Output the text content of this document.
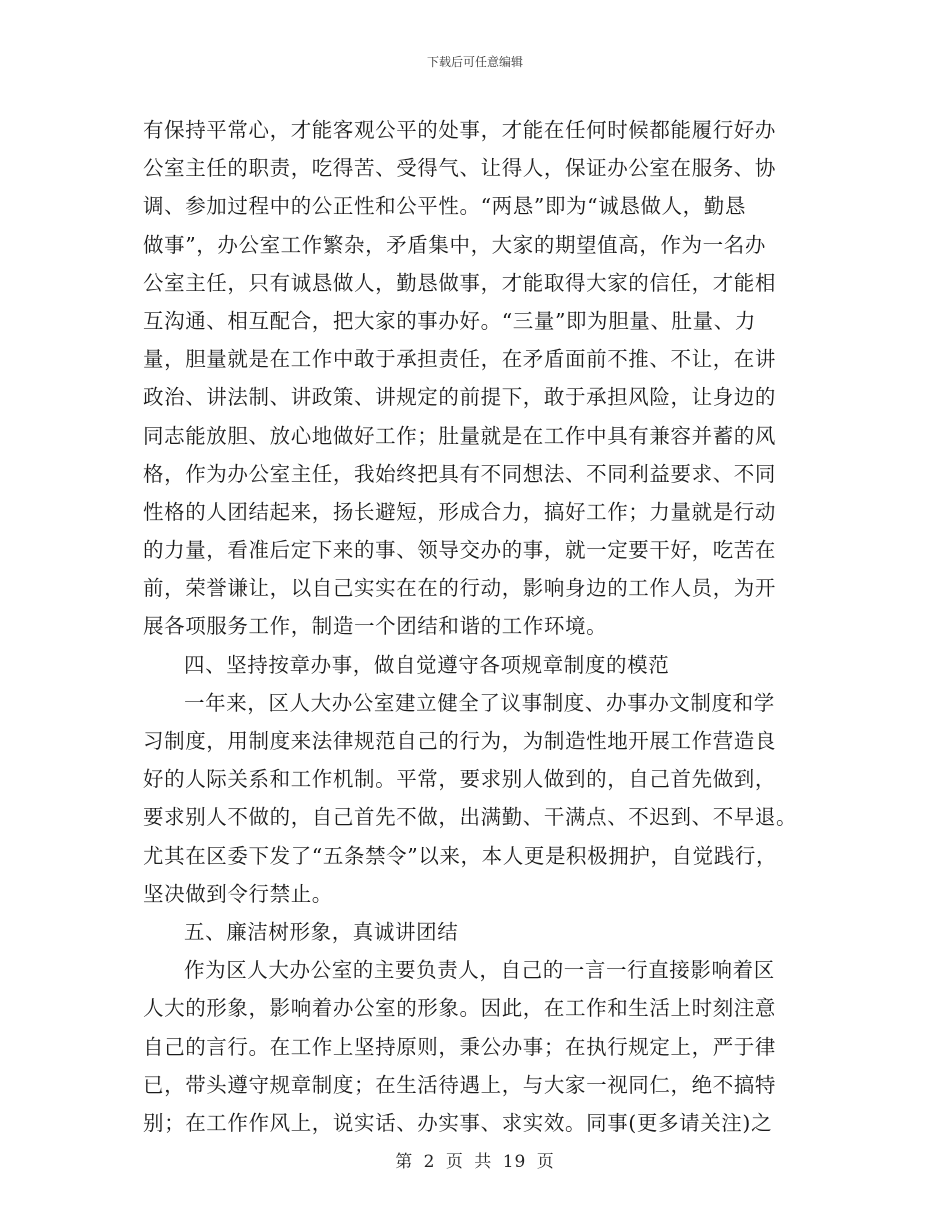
下载后可任意编辑
有保持平常心，才能客观公平的处事，才能在任何时候都能履行好办
公室主任的职责，吃得苦、受得气、让得人，保证办公室在服务、协
调、参加过程中的公正性和公平性。“两恳”即为“诚恳做人，勤恳
做事”，办公室工作繁杂，矛盾集中，大家的期望值高，作为一名办
公室主任，只有诚恳做人，勤恳做事，才能取得大家的信任，才能相
互沟通、相互配合，把大家的事办好。“三量”即为胆量、肚量、力
量，胆量就是在工作中敢于承担责任，在矛盾面前不推、不让，在讲
政治、讲法制、讲政策、讲规定的前提下，敢于承担风险，让身边的
同志能放胆、放心地做好工作；肚量就是在工作中具有兼容并蓄的风
格，作为办公室主任，我始终把具有不同想法、不同利益要求、不同
性格的人团结起来，扬长避短，形成合力，搞好工作；力量就是行动
的力量，看准后定下来的事、领导交办的事，就一定要干好，吃苦在
前，荣誉谦让，以自己实实在在的行动，影响身边的工作人员，为开
展各项服务工作，制造一个团结和谐的工作环境。
四、坚持按章办事，做自觉遵守各项规章制度的模范
一年来，区人大办公室建立健全了议事制度、办事办文制度和学
习制度，用制度来法律规范自己的行为，为制造性地开展工作营造良
好的人际关系和工作机制。平常，要求别人做到的，自己首先做到，
要求别人不做的，自己首先不做，出满勤、干满点、不迟到、不早退。
尤其在区委下发了“五条禁令”以来，本人更是积极拥护，自觉践行，
坚决做到令行禁止。
五、廉洁树形象，真诚讲团结
作为区人大办公室的主要负责人，自己的一言一行直接影响着区
人大的形象，影响着办公室的形象。因此，在工作和生活上时刻注意
自己的言行。在工作上坚持原则，秉公办事；在执行规定上，严于律
已，带头遵守规章制度；在生活待遇上，与大家一视同仁，绝不搞特
别；在工作作风上，说实话、办实事、求实效。同事(更多请关注)之
第 2 页 共 19 页
